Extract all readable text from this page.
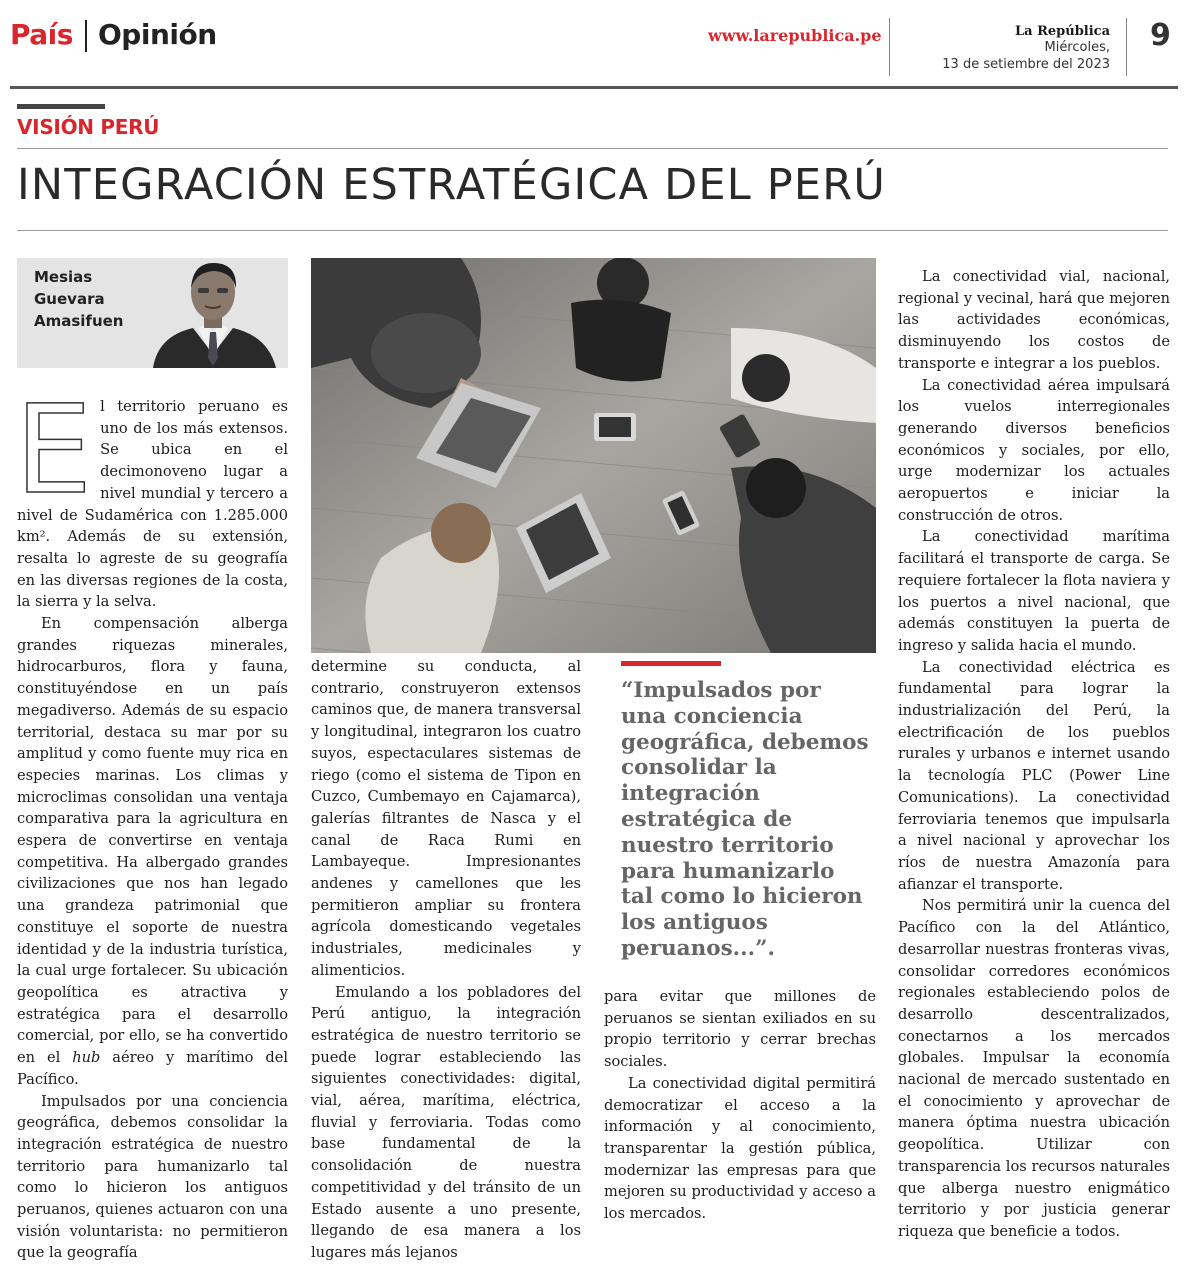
País Opinión	www.larepublica.pe	La República
Miércoles,
13 de setiembre del 2023
9
VISIÓN PERÚ
INTEGRACIÓN ESTRATÉGICA DEL PERÚ
Mesias
Guevara
Amasifuen

El territorio peruano es uno de los más extensos. Se ubica en el decimonoveno lugar a nivel mundial y tercero a nivel de Sudamérica con 1.285.000 km². Además de su extensión, resalta lo agreste de su geografía en las diversas regiones de la costa, la sierra y la selva.

En compensación alberga grandes riquezas minerales, hidrocarburos, flora y fauna, constituyéndose en un país megadiverso. Además de su espacio territorial, destaca su mar por su amplitud y como fuente muy rica en especies marinas. Los climas y microclimas consolidan una ventaja comparativa para la agricultura en espera de convertirse en ventaja competitiva. Ha albergado grandes civilizaciones que nos han legado una grandeza patrimonial que constituye el soporte de nuestra identidad y de la industria turística, la cual urge fortalecer. Su ubicación geopolítica es atractiva y estratégica para el desarrollo comercial, por ello, se ha convertido en el hub aéreo y marítimo del Pacífico.

Impulsados por una conciencia geográfica, debemos consolidar la integración estratégica de nuestro territorio para humanizarlo tal como lo hicieron los antiguos peruanos, quienes actuaron con una visión voluntarista: no permitieron que la geografía

determine su conducta, al contrario, construyeron extensos caminos que, de manera transversal y longitudinal, integraron los cuatro suyos, espectaculares sistemas de riego (como el sistema de Tipon en Cuzco, Cumbemayo en Cajamarca), galerías filtrantes de Nasca y el canal de Raca Rumi en Lambayeque. Impresionantes andenes y camellones que les permitieron ampliar su frontera agrícola domesticando vegetales industriales, medicinales y alimenticios.

Emulando a los pobladores del Perú antiguo, la integración estratégica de nuestro territorio se puede lograr estableciendo las siguientes conectividades: digital, vial, aérea, marítima, eléctrica, fluvial y ferroviaria. Todas como base fundamental de la consolidación de nuestra competitividad y del tránsito de un Estado ausente a uno presente, llegando de esa manera a los lugares más lejanos

“Impulsados por una conciencia geográfica, debemos consolidar la integración estratégica de nuestro territorio para humanizarlo tal como lo hicieron los antiguos peruanos...”.

para evitar que millones de peruanos se sientan exiliados en su propio territorio y cerrar brechas sociales.

La conectividad digital permitirá democratizar el acceso a la información y al conocimiento, transparentar la gestión pública, modernizar las empresas para que mejoren su productividad y acceso a los mercados.

La conectividad vial, nacional, regional y vecinal, hará que mejoren las actividades económicas, disminuyendo los costos de transporte e integrar a los pueblos.

La conectividad aérea impulsará los vuelos interregionales generando diversos beneficios económicos y sociales, por ello, urge modernizar los actuales aeropuertos e iniciar la construcción de otros.

La conectividad marítima facilitará el transporte de carga. Se requiere fortalecer la flota naviera y los puertos a nivel nacional, que además constituyen la puerta de ingreso y salida hacia el mundo.

La conectividad eléctrica es fundamental para lograr la industrialización del Perú, la electrificación de los pueblos rurales y urbanos e internet usando la tecnología PLC (Power Line Comunications). La conectividad ferroviaria tenemos que impulsarla a nivel nacional y aprovechar los ríos de nuestra Amazonía para afianzar el transporte.

Nos permitirá unir la cuenca del Pacífico con la del Atlántico, desarrollar nuestras fronteras vivas, consolidar corredores económicos regionales estableciendo polos de desarrollo descentralizados, conectarnos a los mercados globales. Impulsar la economía nacional de mercado sustentado en el conocimiento y aprovechar de manera óptima nuestra ubicación geopolítica. Utilizar con transparencia los recursos naturales que alberga nuestro enigmático territorio y por justicia generar riqueza que beneficie a todos.
